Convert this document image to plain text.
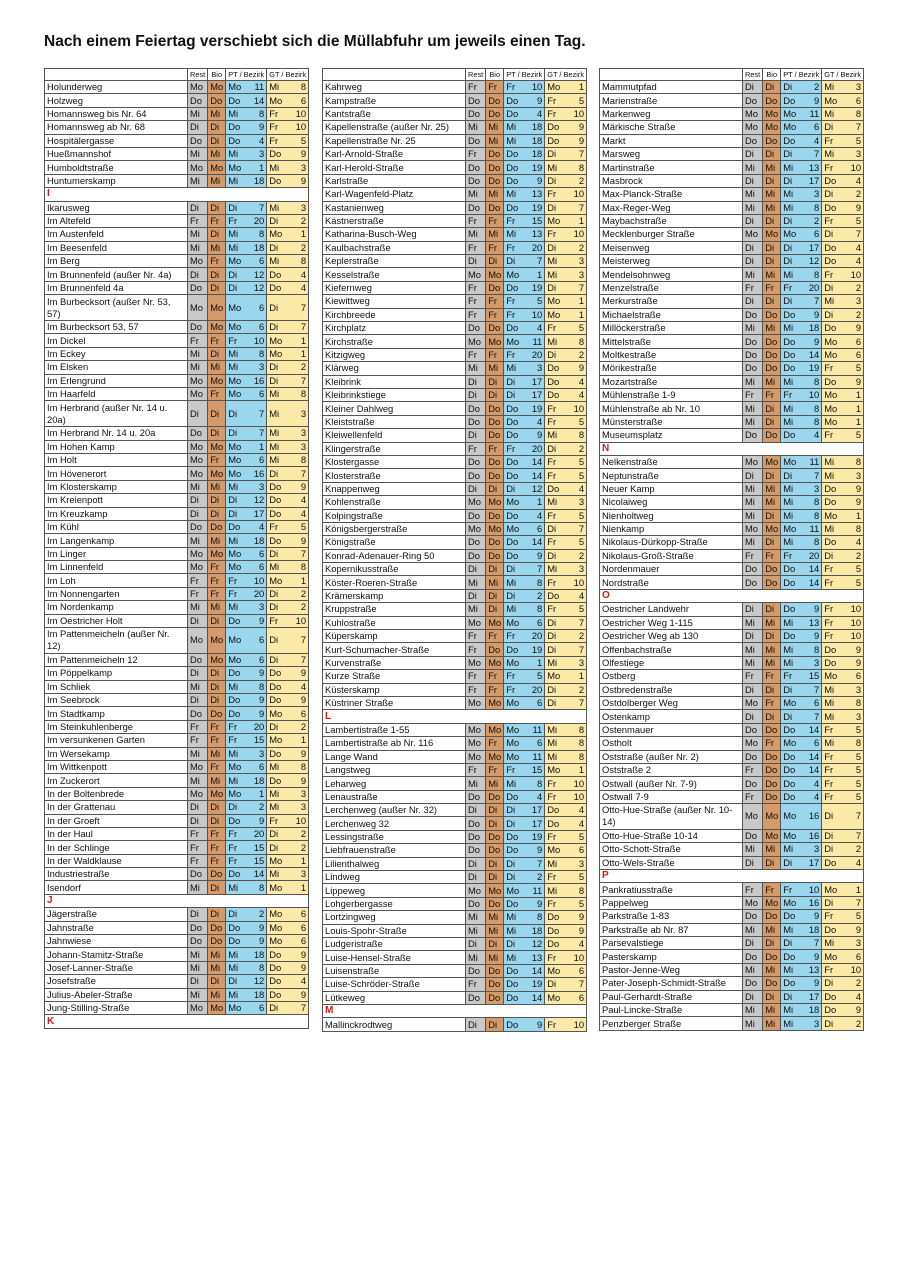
Nach einem Feiertag verschiebt sich die Müllabfuhr um jeweils einen Tag.
	Rest	Bio	PT / Bezirk		GT / Bezirk	
Holunderweg	Mo	Mo	Mo	11	Mi	8
Holzweg	Do	Do	Do	14	Mo	6
Homannsweg bis Nr. 64	Mi	Mi	Mi	8	Fr	10
Homannsweg ab Nr. 68	Di	Di	Do	9	Fr	10
Hospitälergasse	Do	Di	Do	4	Fr	5
Hueßmannshof	Mi	Mi	Mi	3	Do	9
Humboldtstraße	Mo	Mo	Mo	1	Mi	3
Huntumerskamp	Mi	Mi	Mi	18	Do	9
I						
Ikarusweg	Di	Di	Di	7	Mi	3
Im Altefeld	Fr	Fr	Fr	20	Di	2
Im Austenfeld	Mi	Di	Mi	8	Mo	1
Im Beesenfeld	Mi	Mi	Mi	18	Di	2
Im Berg	Mo	Fr	Mo	6	Mi	8
Im Brunnenfeld (außer Nr. 4a)	Di	Di	Di	12	Do	4
Im Brunnenfeld 4a	Do	Di	Di	12	Do	4
Im Burbecksort (außer Nr. 53, 57)	Mo	Mo	Mo	6	Di	7
Im Burbecksort 53, 57	Do	Mo	Mo	6	Di	7
Im Dickel	Fr	Fr	Fr	10	Mo	1
Im Eckey	Mi	Di	Mi	8	Mo	1
Im Elsken	Mi	Mi	Mi	3	Di	2
Im Erlengrund	Mo	Mo	Mo	16	Di	7
Im Haarfeld	Mo	Fr	Mo	6	Mi	8
Im Herbrand (außer Nr. 14 u. 20a)	Di	Di	Di	7	Mi	3
Im Herbrand Nr. 14 u. 20a	Do	Di	Di	7	Mi	3
Im Hohen Kamp	Mo	Mo	Mo	1	Mi	3
Im Holt	Mo	Fr	Mo	6	Mi	8
Im Hövenerort	Mo	Mo	Mo	16	Di	7
Im Klosterskamp	Mi	Mi	Mi	3	Do	9
Im Kreienpott	Di	Di	Di	12	Do	4
Im Kreuzkamp	Di	Di	Di	17	Do	4
Im Kühl	Do	Do	Do	4	Fr	5
Im Langenkamp	Mi	Mi	Mi	18	Do	9
Im Linger	Mo	Mo	Mo	6	Di	7
Im Linnenfeld	Mo	Fr	Mo	6	Mi	8
Im Loh	Fr	Fr	Fr	10	Mo	1
Im Nonnengarten	Fr	Fr	Fr	20	Di	2
Im Nordenkamp	Mi	Mi	Mi	3	Di	2
Im Oestricher Holt	Di	Di	Do	9	Fr	10
Im Pattenmeicheln (außer Nr. 12)	Mo	Mo	Mo	6	Di	7
Im Pattenmeicheln 12	Do	Mo	Mo	6	Di	7
Im Pöppelkamp	Di	Di	Do	9	Do	9
Im Schliek	Mi	Di	Mi	8	Do	4
Im Seebrock	Di	Di	Do	9	Do	9
Im Stadtkamp	Do	Do	Do	9	Mo	6
Im Steinkuhlenberge	Fr	Fr	Fr	20	Di	2
Im versunkenen Garten	Fr	Fr	Fr	15	Mo	1
Im Wersekamp	Mi	Mi	Mi	3	Do	9
Im Wittkenpott	Mo	Fr	Mo	6	Mi	8
Im Zuckerort	Mi	Mi	Mi	18	Do	9
In der Boltenbrede	Mo	Mo	Mo	1	Mi	3
In der Grattenau	Di	Di	Di	2	Mi	3
In der Groeft	Di	Di	Do	9	Fr	10
In der Haul	Fr	Fr	Fr	20	Di	2
In der Schlinge	Fr	Fr	Fr	15	Di	2
In der Waldklause	Fr	Fr	Fr	15	Mo	1
Industriestraße	Do	Do	Do	14	Mi	3
Isendorf	Mi	Di	Mi	8	Mo	1
J						
Jägerstraße	Di	Di	Di	2	Mo	6
Jahnstraße	Do	Do	Do	9	Mo	6
Jahnwiese	Do	Do	Do	9	Mo	6
Johann-Stamitz-Straße	Mi	Mi	Mi	18	Do	9
Josef-Lanner-Straße	Mi	Mi	Mi	8	Do	9
Josefstraße	Di	Di	Di	12	Do	4
Julius-Abeler-Straße	Mi	Mi	Mi	18	Do	9
Jung-Stilling-Straße	Mo	Mo	Mo	6	Di	7
K						
	Rest	Bio	PT / Bezirk		GT / Bezirk	
Kahrweg	Fr	Fr	Fr	10	Mo	1
Kampstraße	Do	Do	Do	9	Fr	5
Kantstraße	Do	Do	Do	4	Fr	10
Kapellenstraße (außer Nr. 25)	Mi	Mi	Mi	18	Do	9
Kapellenstraße Nr. 25	Do	Mi	Mi	18	Do	9
Karl-Arnold-Straße	Fr	Do	Do	18	Di	7
Karl-Herold-Straße	Do	Do	Do	19	Mi	8
Karlstraße	Do	Do	Do	9	Di	2
Karl-Wagenfeld-Platz	Mi	Mi	Mi	13	Fr	10
Kastanienweg	Do	Do	Do	19	Di	7
Kästnerstraße	Fr	Fr	Fr	15	Mo	1
Katharina-Busch-Weg	Mi	Mi	Mi	13	Fr	10
Kaulbachstraße	Fr	Fr	Fr	20	Di	2
Keplerstraße	Di	Di	Di	7	Mi	3
Kesselstraße	Mo	Mo	Mo	1	Mi	3
Kiefernweg	Fr	Do	Do	19	Di	7
Kiewittweg	Fr	Fr	Fr	5	Mo	1
Kirchbreede	Fr	Fr	Fr	10	Mo	1
Kirchplatz	Do	Do	Do	4	Fr	5
Kirchstraße	Mo	Mo	Mo	11	Mi	8
Kitzigweg	Fr	Fr	Fr	20	Di	2
Klärweg	Mi	Mi	Mi	3	Do	9
Kleibrink	Di	Di	Di	17	Do	4
Kleibrinkstiege	Di	Di	Di	17	Do	4
Kleiner Dahlweg	Do	Do	Do	19	Fr	10
Kleiststraße	Do	Do	Do	4	Fr	5
Kleiwellenfeld	Di	Do	Do	9	Mi	8
Klingerstraße	Fr	Fr	Fr	20	Di	2
Klostergasse	Do	Do	Do	14	Fr	5
Klosterstraße	Do	Do	Do	14	Fr	5
Knappenweg	Di	Di	Di	12	Do	4
Kohlenstraße	Mo	Mo	Mo	1	Mi	3
Kolpingstraße	Do	Do	Do	4	Fr	5
Königsbergerstraße	Mo	Mo	Mo	6	Di	7
Königstraße	Do	Do	Do	14	Fr	5
Konrad-Adenauer-Ring 50	Do	Do	Do	9	Di	2
Kopernikusstraße	Di	Di	Di	7	Mi	3
Köster-Roeren-Straße	Mi	Mi	Mi	8	Fr	10
Krämerskamp	Di	Di	Di	2	Do	4
Kruppstraße	Mi	Di	Mi	8	Fr	5
Kuhlostraße	Mo	Mo	Mo	6	Di	7
Küperskamp	Fr	Fr	Fr	20	Di	2
Kurt-Schumacher-Straße	Fr	Do	Do	19	Di	7
Kurvenstraße	Mo	Mo	Mo	1	Mi	3
Kurze Straße	Fr	Fr	Fr	5	Mo	1
Küsterskamp	Fr	Fr	Fr	20	Di	2
Küstriner Straße	Mo	Mo	Mo	6	Di	7
L						
Lambertistraße 1-55	Mo	Mo	Mo	11	Mi	8
Lambertistraße ab Nr. 116	Mo	Fr	Mo	6	Mi	8
Lange Wand	Mo	Mo	Mo	11	Mi	8
Langstweg	Fr	Fr	Fr	15	Mo	1
Leharweg	Mi	Mi	Mi	8	Fr	10
Lenaustraße	Do	Do	Do	4	Fr	10
Lerchenweg (außer Nr. 32)	Di	Di	Di	17	Do	4
Lerchenweg 32	Do	Di	Di	17	Do	4
Lessingstraße	Do	Do	Do	19	Fr	5
Liebfrauenstraße	Do	Do	Do	9	Mo	6
Lilienthalweg	Di	Di	Di	7	Mi	3
Lindweg	Di	Di	Di	2	Fr	5
Lippeweg	Mo	Mo	Mo	11	Mi	8
Lohgerbergasse	Do	Do	Do	9	Fr	5
Lortzingweg	Mi	Mi	Mi	8	Do	9
Louis-Spohr-Straße	Mi	Mi	Mi	18	Do	9
Ludgeristraße	Di	Di	Di	12	Do	4
Luise-Hensel-Straße	Mi	Mi	Mi	13	Fr	10
Luisenstraße	Do	Do	Do	14	Mo	6
Luise-Schröder-Straße	Fr	Do	Do	19	Di	7
Lütkeweg	Do	Do	Do	14	Mo	6
M						
Mallinckrodtweg	Di	Di	Do	9	Fr	10
	Rest	Bio	PT / Bezirk		GT / Bezirk	
Mammutpfad	Di	Di	Di	2	Mi	3
Marienstraße	Do	Do	Do	9	Mo	6
Markenweg	Mo	Mo	Mo	11	Mi	8
Märkische Straße	Mo	Mo	Mo	6	Di	7
Markt	Do	Do	Do	4	Fr	5
Marsweg	Di	Di	Di	7	Mi	3
Martinstraße	Mi	Mi	Mi	13	Fr	10
Masbrock	Di	Di	Di	17	Do	4
Max-Planck-Straße	Mi	Mi	Mi	3	Di	2
Max-Reger-Weg	Mi	Mi	Mi	8	Do	9
Maybachstraße	Di	Di	Di	2	Fr	5
Mecklenburger Straße	Mo	Mo	Mo	6	Di	7
Meisenweg	Di	Di	Di	17	Do	4
Meisterweg	Di	Di	Di	12	Do	4
Mendelsohnweg	Mi	Mi	Mi	8	Fr	10
Menzelstraße	Fr	Fr	Fr	20	Di	2
Merkurstraße	Di	Di	Di	7	Mi	3
Michaelstraße	Do	Do	Do	9	Di	2
Millöckerstraße	Mi	Mi	Mi	18	Do	9
Mittelstraße	Do	Do	Do	9	Mo	6
Moltkestraße	Do	Do	Do	14	Mo	6
Mörikestraße	Do	Do	Do	19	Fr	5
Mozartstraße	Mi	Mi	Mi	8	Do	9
Mühlenstraße 1-9	Fr	Fr	Fr	10	Mo	1
Mühlenstraße ab Nr. 10	Mi	Di	Mi	8	Mo	1
Münsterstraße	Mi	Di	Mi	8	Mo	1
Museumsplatz	Do	Do	Do	4	Fr	5
N						
Nelkenstraße	Mo	Mo	Mo	11	Mi	8
Neptunstraße	Di	Di	Di	7	Mi	3
Neuer Kamp	Mi	Mi	Mi	3	Do	9
Nicolaiweg	Mi	Mi	Mi	8	Do	9
Nienholtweg	Mi	Di	Mi	8	Mo	1
Nienkamp	Mo	Mo	Mo	11	Mi	8
Nikolaus-Dürkopp-Straße	Mi	Di	Mi	8	Do	4
Nikolaus-Groß-Straße	Fr	Fr	Fr	20	Di	2
Nordenmauer	Do	Do	Do	14	Fr	5
Nordstraße	Do	Do	Do	14	Fr	5
O						
Oestricher Landwehr	Di	Di	Do	9	Fr	10
Oestricher Weg 1-115	Mi	Mi	Mi	13	Fr	10
Oestricher Weg ab 130	Di	Di	Do	9	Fr	10
Offenbachstraße	Mi	Mi	Mi	8	Do	9
Olfestiege	Mi	Mi	Mi	3	Do	9
Ostberg	Fr	Fr	Fr	15	Mo	6
Ostbredenstraße	Di	Di	Di	7	Mi	3
Ostdolberger Weg	Mo	Fr	Mo	6	Mi	8
Ostenkamp	Di	Di	Di	7	Mi	3
Ostenmauer	Do	Do	Do	14	Fr	5
Ostholt	Mo	Fr	Mo	6	Mi	8
Oststraße (außer Nr. 2)	Do	Do	Do	14	Fr	5
Oststraße 2	Fr	Do	Do	14	Fr	5
Ostwall (außer Nr. 7-9)	Do	Do	Do	4	Fr	5
Ostwall 7-9	Fr	Do	Do	4	Fr	5
Otto-Hue-Straße (außer Nr. 10-14)	Mo	Mo	Mo	16	Di	7
Otto-Hue-Straße 10-14	Do	Mo	Mo	16	Di	7
Otto-Schott-Straße	Mi	Mi	Mi	3	Di	2
Otto-Wels-Straße	Di	Di	Di	17	Do	4
P						
Pankratiusstraße	Fr	Fr	Fr	10	Mo	1
Pappelweg	Mo	Mo	Mo	16	Di	7
Parkstraße 1-83	Do	Do	Do	9	Fr	5
Parkstraße ab Nr. 87	Mi	Mi	Mi	18	Do	9
Parsevalstiege	Di	Di	Di	7	Mi	3
Pasterskamp	Do	Do	Do	9	Mo	6
Pastor-Jenne-Weg	Mi	Mi	Mi	13	Fr	10
Pater-Joseph-Schmidt-Straße	Do	Do	Do	9	Di	2
Paul-Gerhardt-Straße	Di	Di	Di	17	Do	4
Paul-Lincke-Straße	Mi	Mi	Mi	18	Do	9
Penzberger Straße	Mi	Mi	Mi	3	Di	2
